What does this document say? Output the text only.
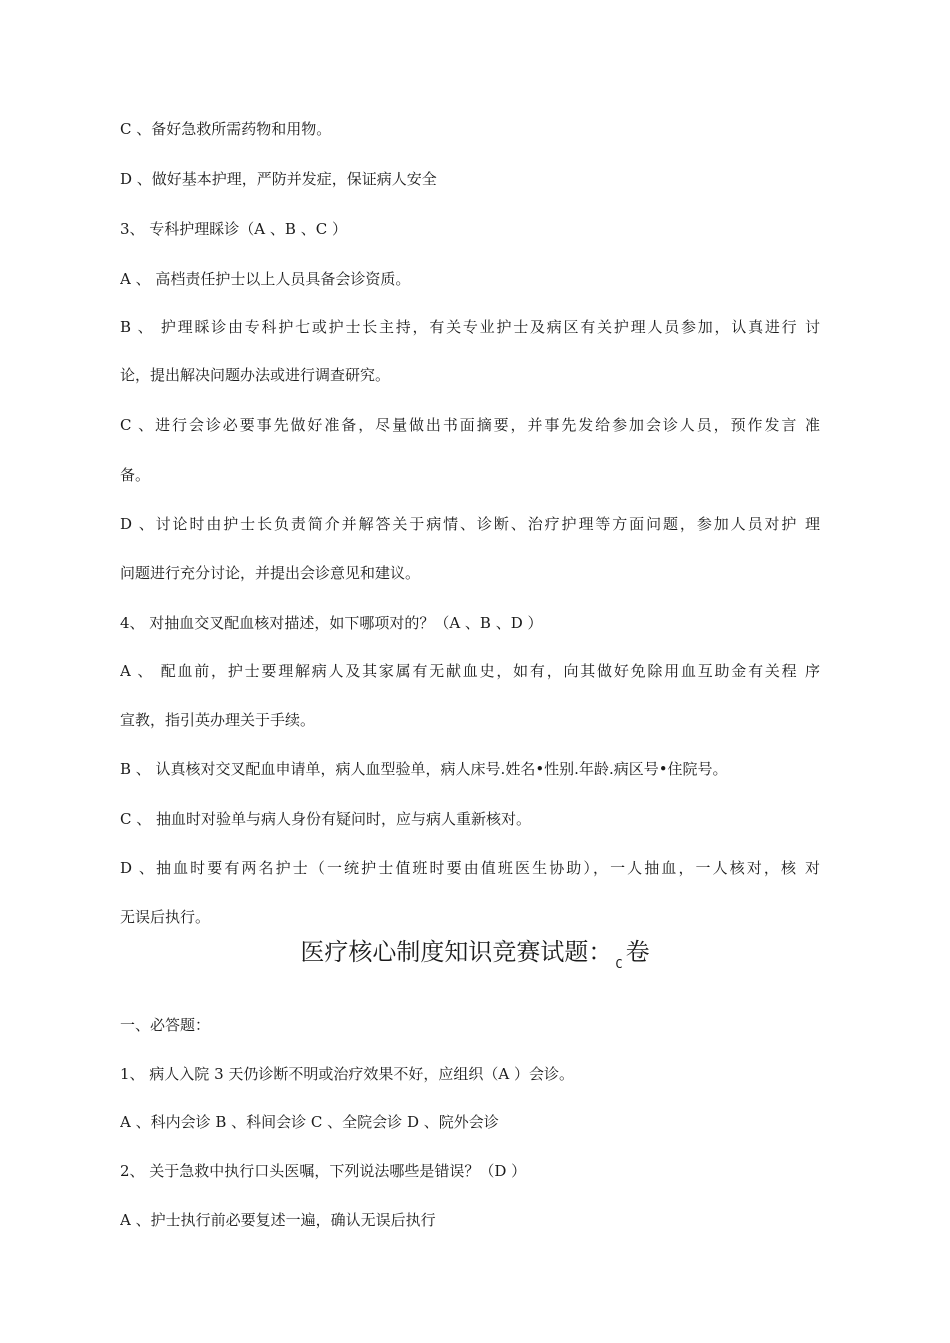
C 、备好急救所需药物和用物。

D 、做好基本护理，严防并发症，保证病人安全

3、 专科护理睬诊（A 、B 、C ）

A 、 高档责任护士以上人员具备会诊资质。

B 、 护理睬诊由专科护七或护士长主持，有关专业护士及病区有关护理人员参加，认真进行 讨

论，提出解决问题办法或进行调查研究。

C 、进行会诊必要事先做好准备，尽量做出书面摘要，并事先发给参加会诊人员，预作发言 准

备。

D 、讨论时由护士长负责简介并解答关于病情、诊断、治疗护理等方面问题，参加人员对护 理

问题进行充分讨论，并提出会诊意见和建议。

4、 对抽血交叉配血核对描述，如下哪项对的？（A 、B 、D ）

A 、 配血前，护士要理解病人及其家属有无献血史，如有，向其做好免除用血互助金有关程 序

宣教，指引英办理关于手续。

B 、 认真核对交叉配血申请单，病人血型验单，病人床号.姓名•性别.年龄.病区号•住院号。

C 、 抽血时对验单与病人身份有疑问时，应与病人重新核对。

D 、抽血时要有两名护士（一统护士值班时要由值班医生协助），一人抽血，一人核对，核 对

无误后执行。

医疗核心制度知识竞赛试题： $_C$ 卷

一、必答题：

1、 病人入院 3 天仍诊断不明或治疗效果不好，应组织（A ）会诊。

A 、科内会诊 B 、科间会诊 C 、全院会诊 D 、院外会诊

2、 关于急救中执行口头医嘱，下列说法哪些是错误？（D ）

A 、护士执行前必要复述一遍，确认无误后执行
